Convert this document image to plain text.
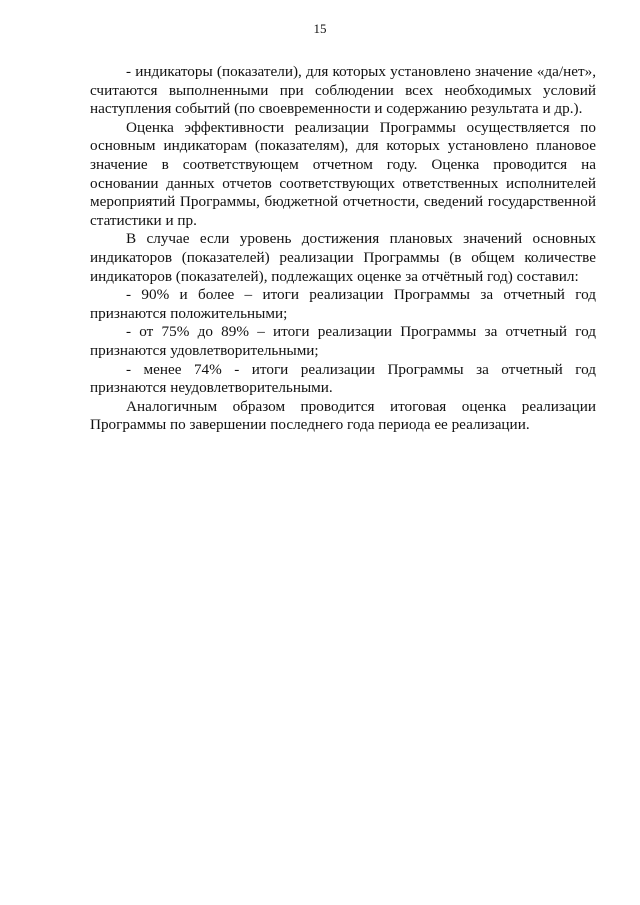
15

- индикаторы (показатели), для которых установлено значение «да/нет», считаются выполненными при соблюдении всех необходимых условий наступления событий (по своевременности и содержанию результата и др.).

Оценка эффективности реализации Программы осуществляется по основным индикаторам (показателям), для которых установлено плановое значение в соответствующем отчетном году. Оценка проводится на основании данных отчетов соответствующих ответственных исполнителей мероприятий Программы, бюджетной отчетности, сведений государственной статистики и пр.

В случае если уровень достижения плановых значений основных индикаторов (показателей) реализации Программы (в общем количестве индикаторов (показателей), подлежащих оценке за отчётный год) составил:

- 90% и более – итоги реализации Программы за отчетный год признаются положительными;

- от 75% до 89% – итоги реализации Программы за отчетный год признаются удовлетворительными;

- менее 74% - итоги реализации Программы за отчетный год признаются неудовлетворительными.

Аналогичным образом проводится итоговая оценка реализации Программы по завершении последнего года периода ее реализации.
